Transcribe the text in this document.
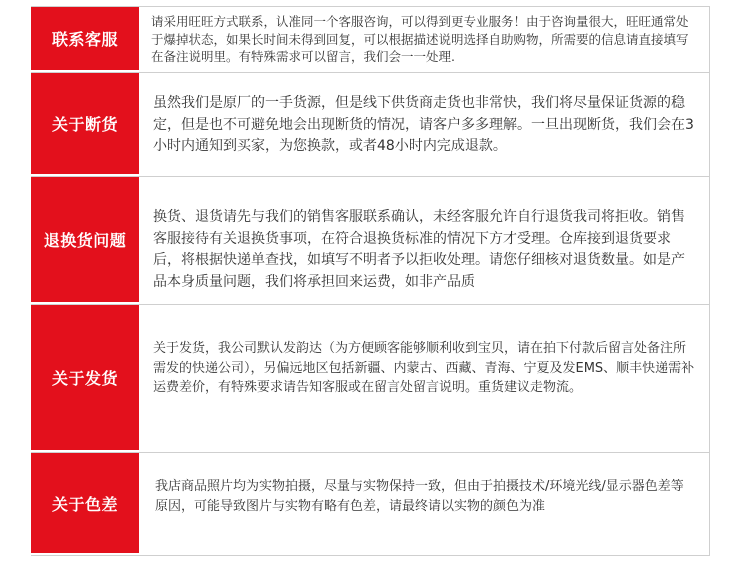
联系客服

请采用旺旺方式联系，认准同一个客服咨询，可以得到更专业服务！由于咨询量很大，旺旺通常处于爆掉状态，如果长时间未得到回复，可以根据描述说明选择自助购物，所需要的信息请直接填写在备注说明里。有特殊需求可以留言，我们会一一处理.

关于断货

虽然我们是原厂的一手货源，但是线下供货商走货也非常快，我们将尽量保证货源的稳定，但是也不可避免地会出现断货的情况，请客户多多理解。一旦出现断货，我们会在3小时内通知到买家，为您换款，或者48小时内完成退款。

退换货问题

换货、退货请先与我们的销售客服联系确认，未经客服允许自行退货我司将拒收。销售客服接待有关退换货事项，在符合退换货标准的情况下方才受理。仓库接到退货要求后，将根据快递单查找，如填写不明者予以拒收处理。请您仔细核对退货数量。如是产品本身质量问题，我们将承担回来运费，如非产品质

关于发货

关于发货，我公司默认发韵达（为方便顾客能够顺利收到宝贝，请在拍下付款后留言处备注所需发的快递公司），另偏远地区包括新疆、内蒙古、西藏、青海、宁夏及发EMS、顺丰快递需补运费差价，有特殊要求请告知客服或在留言处留言说明。重货建议走物流。

关于色差

我店商品照片均为实物拍摄，尽量与实物保持一致，但由于拍摄技术/环境光线/显示器色差等原因，可能导致图片与实物有略有色差，请最终请以实物的颜色为准
